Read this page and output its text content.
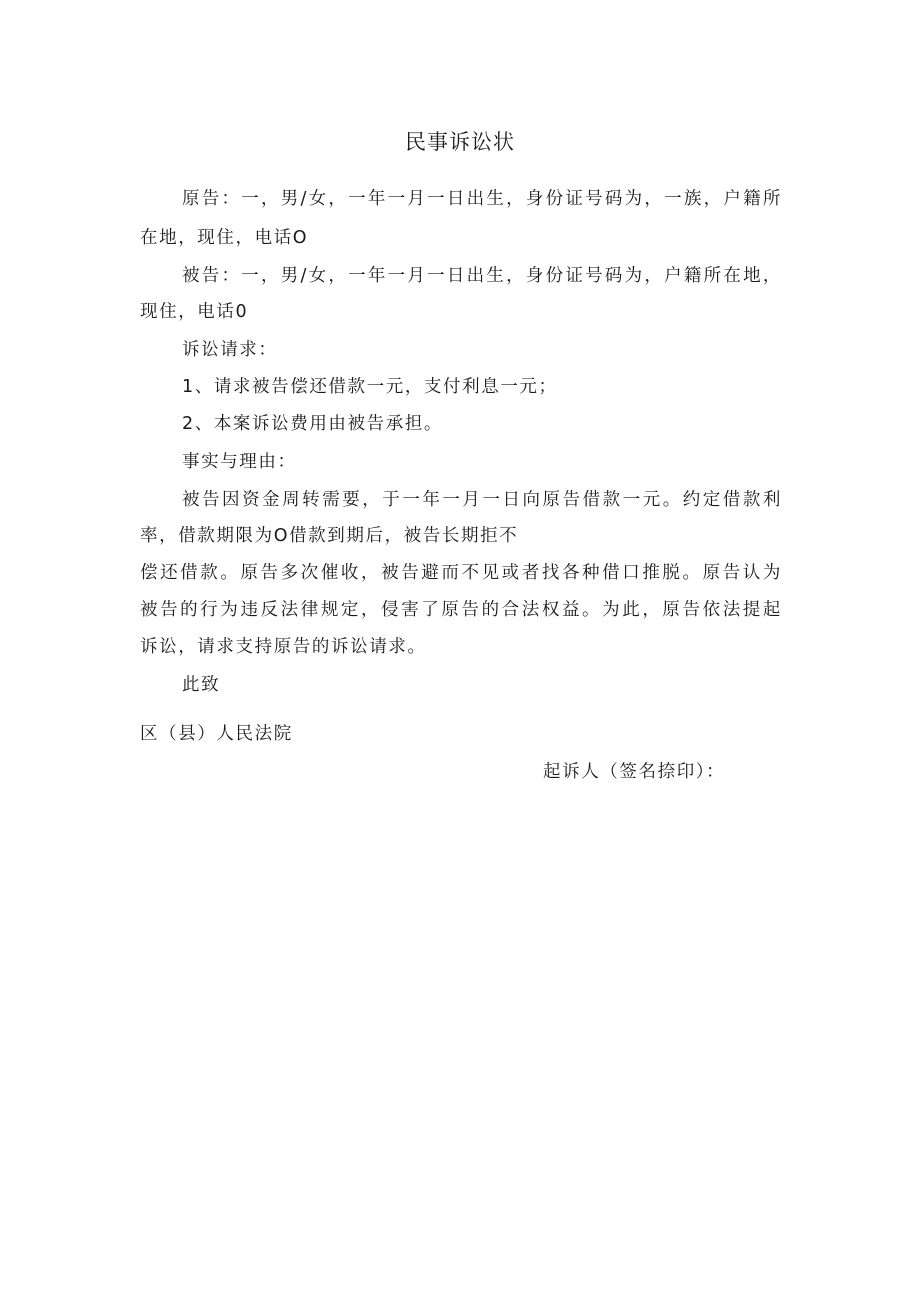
民事诉讼状
原告：一，男/女，一年一月一日出生，身份证号码为，一族，户籍所
在地，现住，电话O
被告：一，男/女，一年一月一日出生，身份证号码为，户籍所在地，
现住，电话0
诉讼请求：
1、请求被告偿还借款一元，支付利息一元；
2、本案诉讼费用由被告承担。
事实与理由：
被告因资金周转需要，于一年一月一日向原告借款一元。约定借款利
率，借款期限为O借款到期后，被告长期拒不
偿还借款。原告多次催收，被告避而不见或者找各种借口推脱。原告认为
被告的行为违反法律规定，侵害了原告的合法权益。为此，原告依法提起
诉讼，请求支持原告的诉讼请求。
此致
区（县）人民法院
起诉人（签名捺印）：
